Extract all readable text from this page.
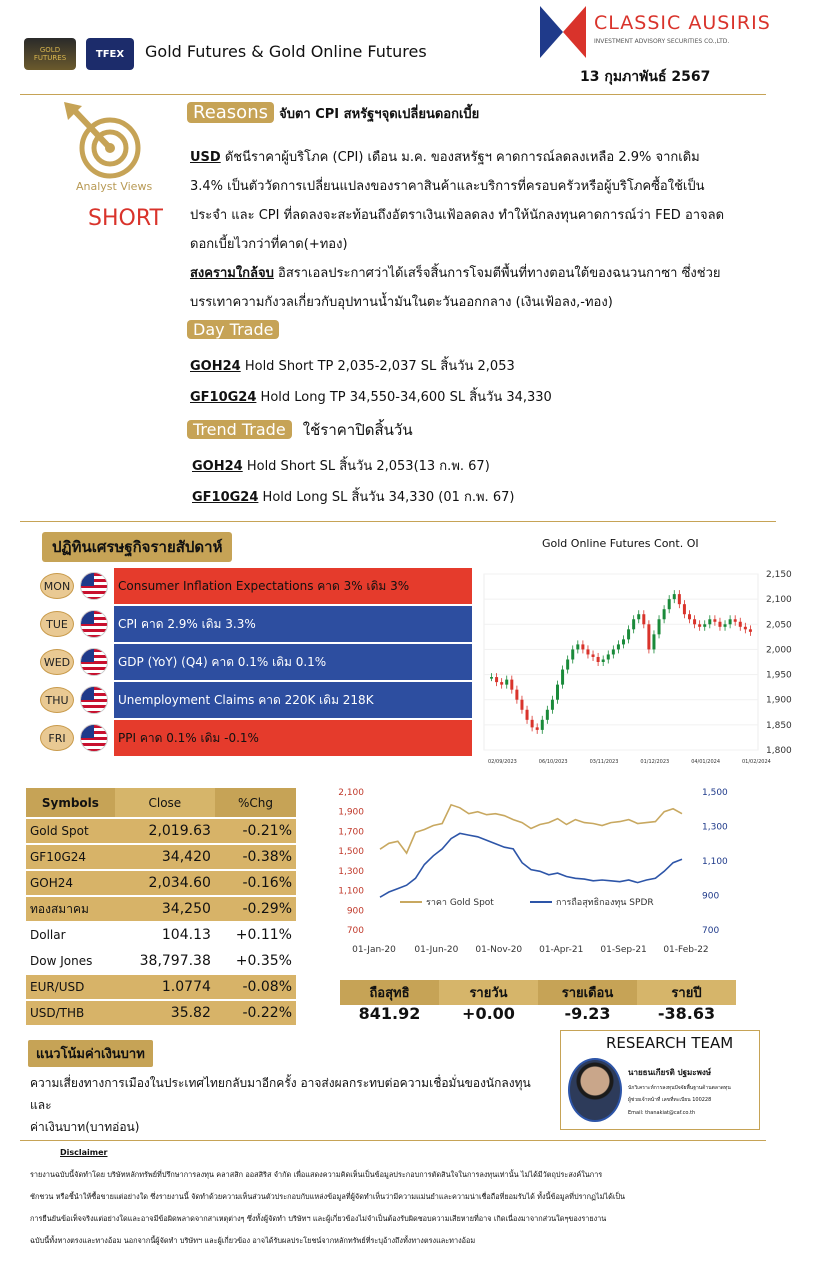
GOLD FUTURES	TFEX Gold Futures & Gold Online Futures
CLASSIC AUSIRIS
INVESTMENT ADVISORY SECURITIES CO.,LTD.
13 กุมภาพันธ์ 2567
Analyst Views
SHORT
Reasons จับตา CPI สหรัฐฯจุดเปลี่ยนดอกเบี้ย
USD ดัชนีราคาผู้บริโภค (CPI) เดือน ม.ค. ของสหรัฐฯ คาดการณ์ลดลงเหลือ 2.9% จากเดิม
3.4% เป็นตัววัดการเปลี่ยนแปลงของราคาสินค้าและบริการที่ครอบครัวหรือผู้บริโภคซื้อใช้เป็น
ประจำ และ CPI ที่ลดลงจะสะท้อนถึงอัตราเงินเฟ้อลดลง ทำให้นักลงทุนคาดการณ์ว่า FED อาจลด
ดอกเบี้ยไวกว่าที่คาด(+ทอง)
สงครามใกล้จบ อิสราเอลประกาศว่าได้เสร็จสิ้นการโจมตีพื้นที่ทางตอนใต้ของฉนวนกาซา ซึ่งช่วย
บรรเทาความกังวลเกี่ยวกับอุปทานน้ำมันในตะวันออกกลาง (เงินเฟ้อลง,-ทอง)
Day Trade
GOH24 Hold Short TP 2,035-2,037 SL สิ้นวัน 2,053
GF10G24 Hold Long TP 34,550-34,600 SL สิ้นวัน 34,330
Trend Trade ใช้ราคาปิดสิ้นวัน
GOH24 Hold Short SL สิ้นวัน 2,053(13 ก.พ. 67)
GF10G24 Hold Long SL สิ้นวัน 34,330 (01 ก.พ. 67)
ปฏิทินเศรษฐกิจรายสัปดาห์
MON	Consumer Inflation Expectations คาด 3% เดิม 3%
TUE	CPI คาด 2.9% เดิม 3.3%
WED	GDP (YoY) (Q4) คาด 0.1% เดิม 0.1%
THU	Unemployment Claims คาด 220K เดิม 218K
FRI	PPI คาด 0.1% เดิม -0.1%
Gold Online Futures Cont. OI
2,150
2,100
2,050
2,000
1,950
1,900
1,850
1,800
02/09/2023	06/10/2023	03/11/2023	01/12/2023	04/01/2024	01/02/2024
Symbols	Close	%Chg
Gold Spot	2,019.63	-0.21%
GF10G24	34,420	-0.38%
GOH24	2,034.60	-0.16%
ทองสมาคม	34,250	-0.29%
Dollar	104.13	+0.11%
Dow Jones	38,797.38	+0.35%
EUR/USD	1.0774	-0.08%
USD/THB	35.82	-0.22%
2,100
1,900
1,700
1,500
1,300
1,100
900
700
1,500
1,300
1,100
900
700
01-Jan-20 01-Jun-20 01-Nov-20 01-Apr-21 01-Sep-21 01-Feb-22
ราคา Gold Spot	การถือสุทธิกองทุน SPDR
ถือสุทธิ	รายวัน	รายเดือน	รายปี
841.92	+0.00	-9.23	-38.63
แนวโน้มค่าเงินบาท
ความเสี่ยงทางการเมืองในประเทศไทยกลับมาอีกครั้ง อาจส่งผลกระทบต่อความเชื่อมั่นของนักลงทุนและ
ค่าเงินบาท(บาทอ่อน)
RESEARCH TEAM
นายธนเกียรติ ปฐมะพงษ์
นักวิเคราะห์การลงทุนปัจจัยพื้นฐานด้านตลาดทุน
ผู้ช่วยเจ้าหน้าที่ เลขที่ทะเบียน 100228
Email: thanakiat@caf.co.th
Disclaimer
รายงานฉบับนี้จัดทำโดย บริษัทหลักทรัพย์ที่ปรึกษาการลงทุน คลาสสิก ออสสิริส จำกัด เพื่อแสดงความคิดเห็นเป็นข้อมูลประกอบการตัดสินใจในการลงทุนเท่านั้น ไม่ได้มีวัตถุประสงค์ในการ
ชักชวน หรือชี้นำให้ซื้อขายแต่อย่างใด ซึ่งรายงานนี้ จัดทำด้วยความเห็นส่วนตัวประกอบกับแหล่งข้อมูลที่ผู้จัดทำเห็นว่ามีความแม่นยำและความน่าเชื่อถือที่ยอมรับได้ ทั้งนี้ข้อมูลที่ปรากฏไม่ได้เป็น
การยืนยันข้อเท็จจริงแต่อย่างใดและอาจมีข้อผิดพลาดจากสาเหตุต่างๆ ซึ่งทั้งผู้จัดทำ บริษัทฯ และผู้เกี่ยวข้องไม่จำเป็นต้องรับผิดชอบความเสียหายที่อาจ เกิดเนื่องมาจากส่วนใดๆของรายงาน
ฉบับนี้ทั้งทางตรงและทางอ้อม นอกจากนี้ผู้จัดทำ บริษัทฯ และผู้เกี่ยวข้อง อาจได้รับผลประโยชน์จากหลักทรัพย์ที่ระบุอ้างถึงทั้งทางตรงและทางอ้อม
